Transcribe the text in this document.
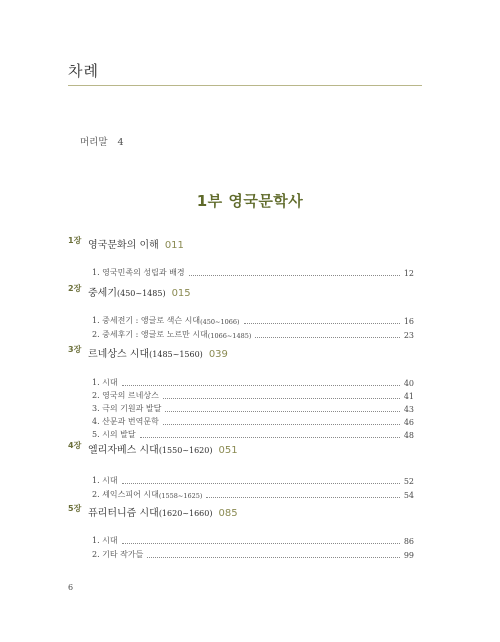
차례
머리말 4
1부 영국문학사
1장 영국문화의 이해 011
1. 영국민족의 성립과 배경	12
2장 중세기(450~1485) 015
1. 중세전기 : 앵글로 색슨 시대 (450~1066)	16
2. 중세후기 : 앵글로 노르만 시대 (1066~1485)	23
3장 르네상스 시대(1485~1560) 039
1. 시대	40
2. 영국의 르네상스	41
3. 극의 기원과 발달	43
4. 산문과 번역문학	46
5. 시의 발달	48
4장 엘리자베스 시대(1550~1620) 051
1. 시대	52
2. 셰익스피어 시대 (1558~1625)	54
5장 퓨리터니즘 시대(1620~1660) 085
1. 시대	86
2. 기타 작가들	99
6
